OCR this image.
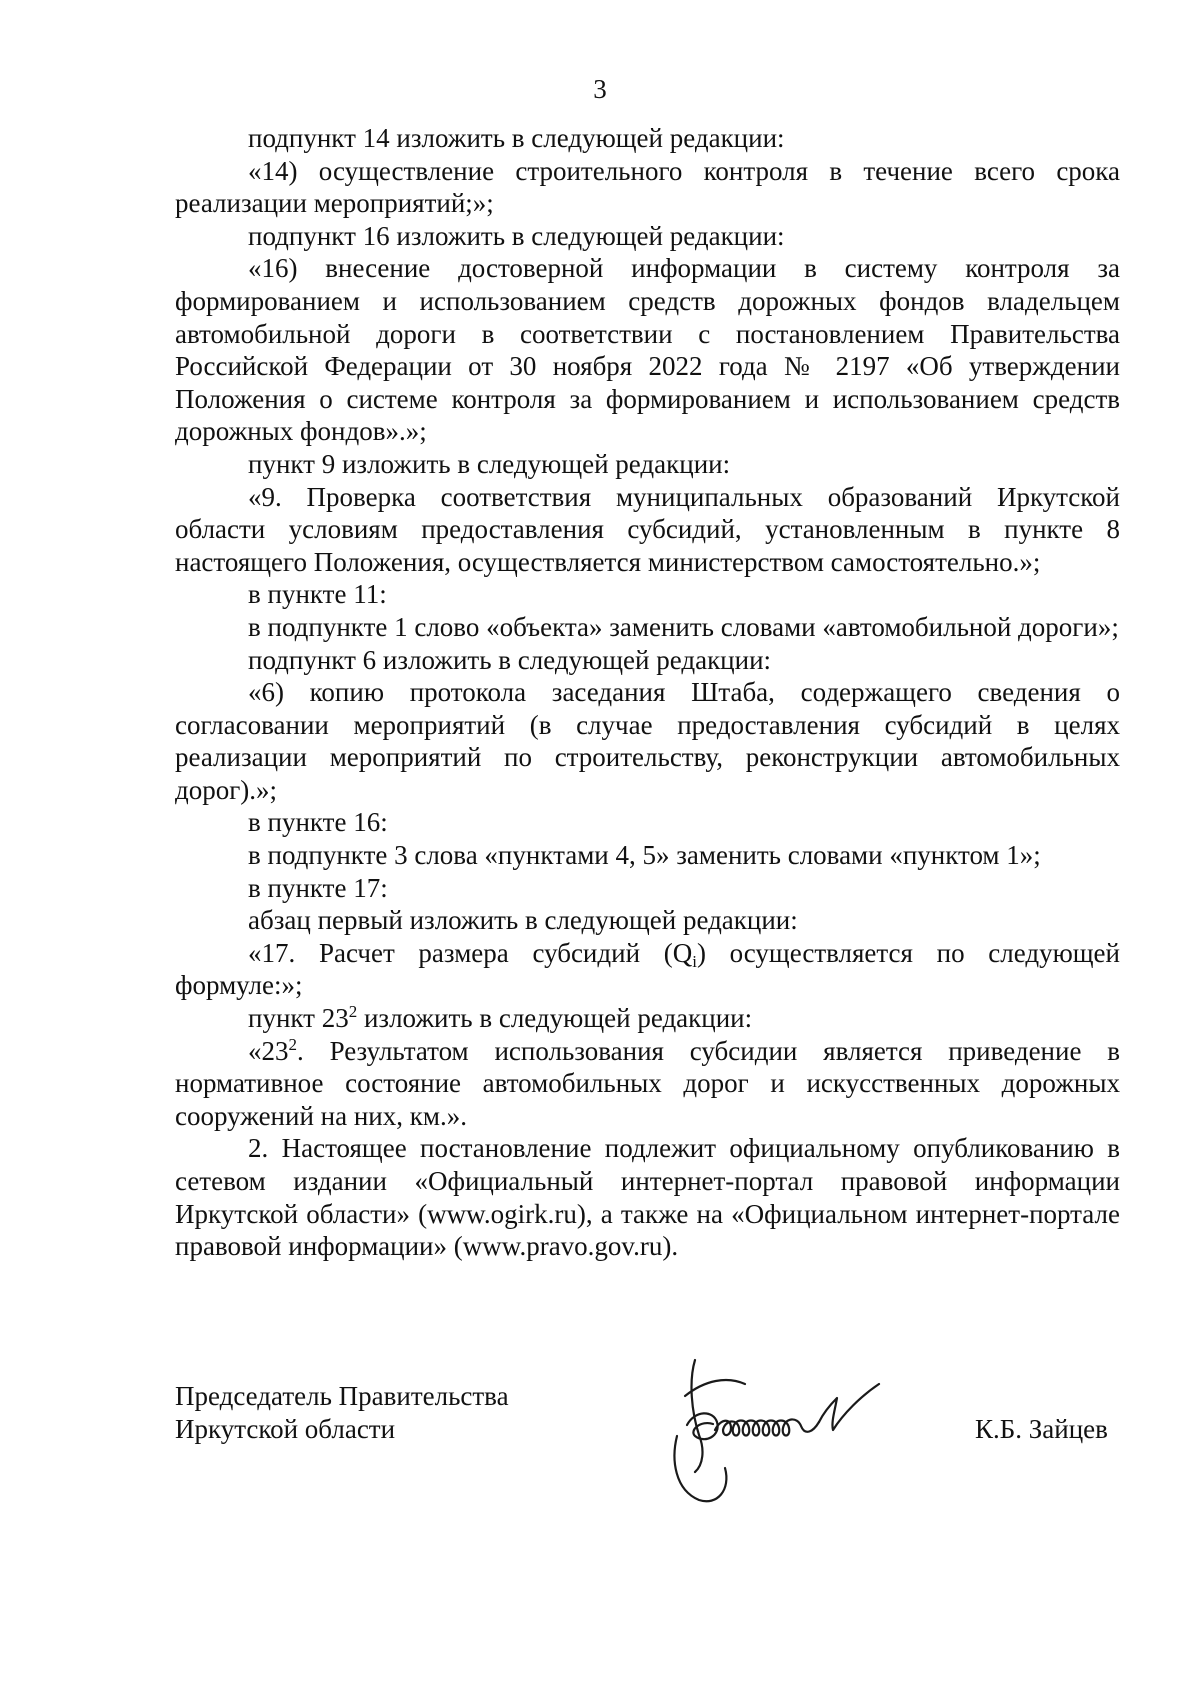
3

подпункт 14 изложить в следующей редакции:

«14) осуществление строительного контроля в течение всего срока реализации мероприятий;»;

подпункт 16 изложить в следующей редакции:

«16) внесение достоверной информации в систему контроля за формированием и использованием средств дорожных фондов владельцем автомобильной дороги в соответствии с постановлением Правительства Российской Федерации от 30 ноября 2022 года № 2197 «Об утверждении Положения о системе контроля за формированием и использованием средств дорожных фондов».»;

пункт 9 изложить в следующей редакции:

«9. Проверка соответствия муниципальных образований Иркутской области условиям предоставления субсидий, установленным в пункте 8 настоящего Положения, осуществляется министерством самостоятельно.»;

в пункте 11:

в подпункте 1 слово «объекта» заменить словами «автомобильной дороги»;

подпункт 6 изложить в следующей редакции:

«6) копию протокола заседания Штаба, содержащего сведения о согласовании мероприятий (в случае предоставления субсидий в целях реализации мероприятий по строительству, реконструкции автомобильных дорог).»;

в пункте 16:

в подпункте 3 слова «пунктами 4, 5» заменить словами «пунктом 1»;

в пункте 17:

абзац первый изложить в следующей редакции:

«17. Расчет размера субсидий $(Q_i)$ осуществляется по следующей формуле:»;

пункт $23^2$ изложить в следующей редакции:

«$23^2$. Результатом использования субсидии является приведение в нормативное состояние автомобильных дорог и искусственных дорожных сооружений на них, км.».

2. Настоящее постановление подлежит официальному опубликованию в сетевом издании «Официальный интернет-портал правовой информации Иркутской области» (www.ogirk.ru), а также на «Официальном интернет-портале правовой информации» (www.pravo.gov.ru).

Председатель Правительства
Иркутской области	К.Б. Зайцев
